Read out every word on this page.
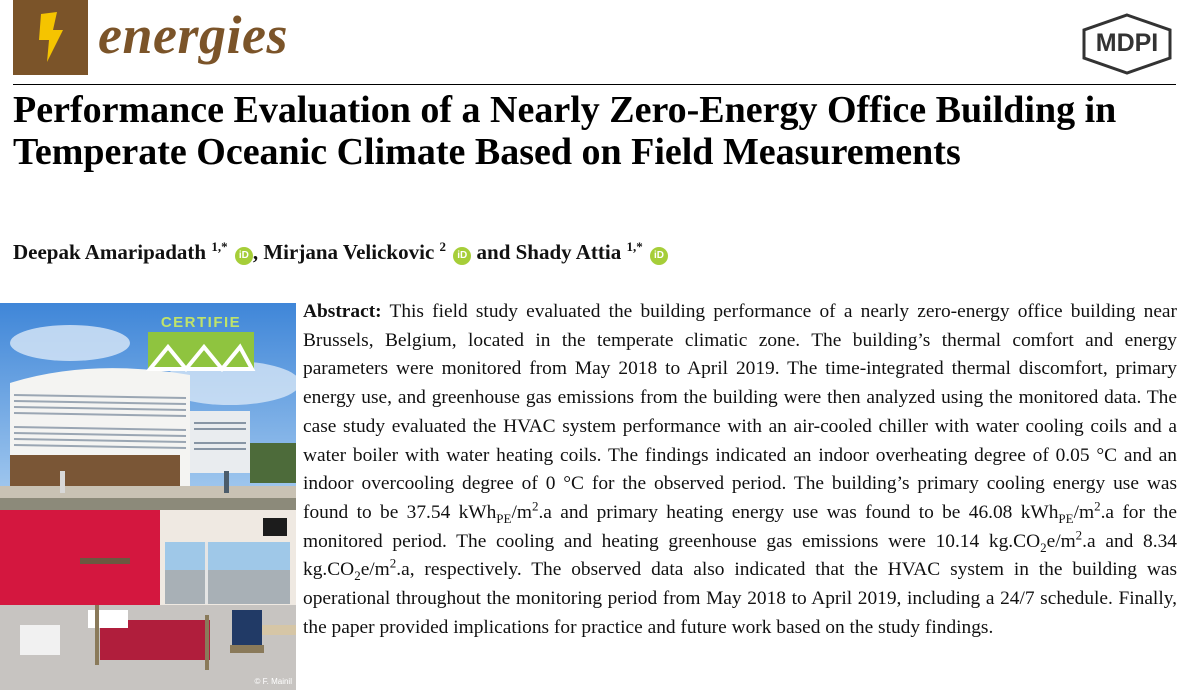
energies	MDPI
Performance Evaluation of a Nearly Zero-Energy Office Building in Temperate Oceanic Climate Based on Field Measurements
Deepak Amaripadath $^{1,*}$ iD , Mirjana Velickovic $^2$ iD and Shady Attia $^{1,*}$ iD
CERTIFIE
© F. Mainil

Abstract: This field study evaluated the building performance of a nearly zero-energy office building near Brussels, Belgium, located in the temperate climatic zone. The building’s thermal comfort and energy parameters were monitored from May 2018 to April 2019. The time-integrated thermal discomfort, primary energy use, and greenhouse gas emissions from the building were then analyzed using the monitored data. The case study evaluated the HVAC system performance with an air-cooled chiller with water cooling coils and a water boiler with water heating coils. The findings indicated an indoor overheating degree of 0.05 °C and an indoor overcooling degree of 0 °C for the observed period. The building’s primary cooling energy use was found to be 37.54 $kWh_{PE}/m^2.a$ and primary heating energy use was found to be 46.08 $kWh_{PE}/m^2.a$ for the monitored period. The cooling and heating greenhouse gas emissions were 10.14 $kg.CO_2e/m^2.a$ and 8.34 $kg.CO_2e/m^2.a$, respectively. The observed data also indicated that the HVAC system in the building was operational throughout the monitoring period from May 2018 to April 2019, including a 24/7 schedule. Finally, the paper provided implications for practice and future work based on the study findings.
